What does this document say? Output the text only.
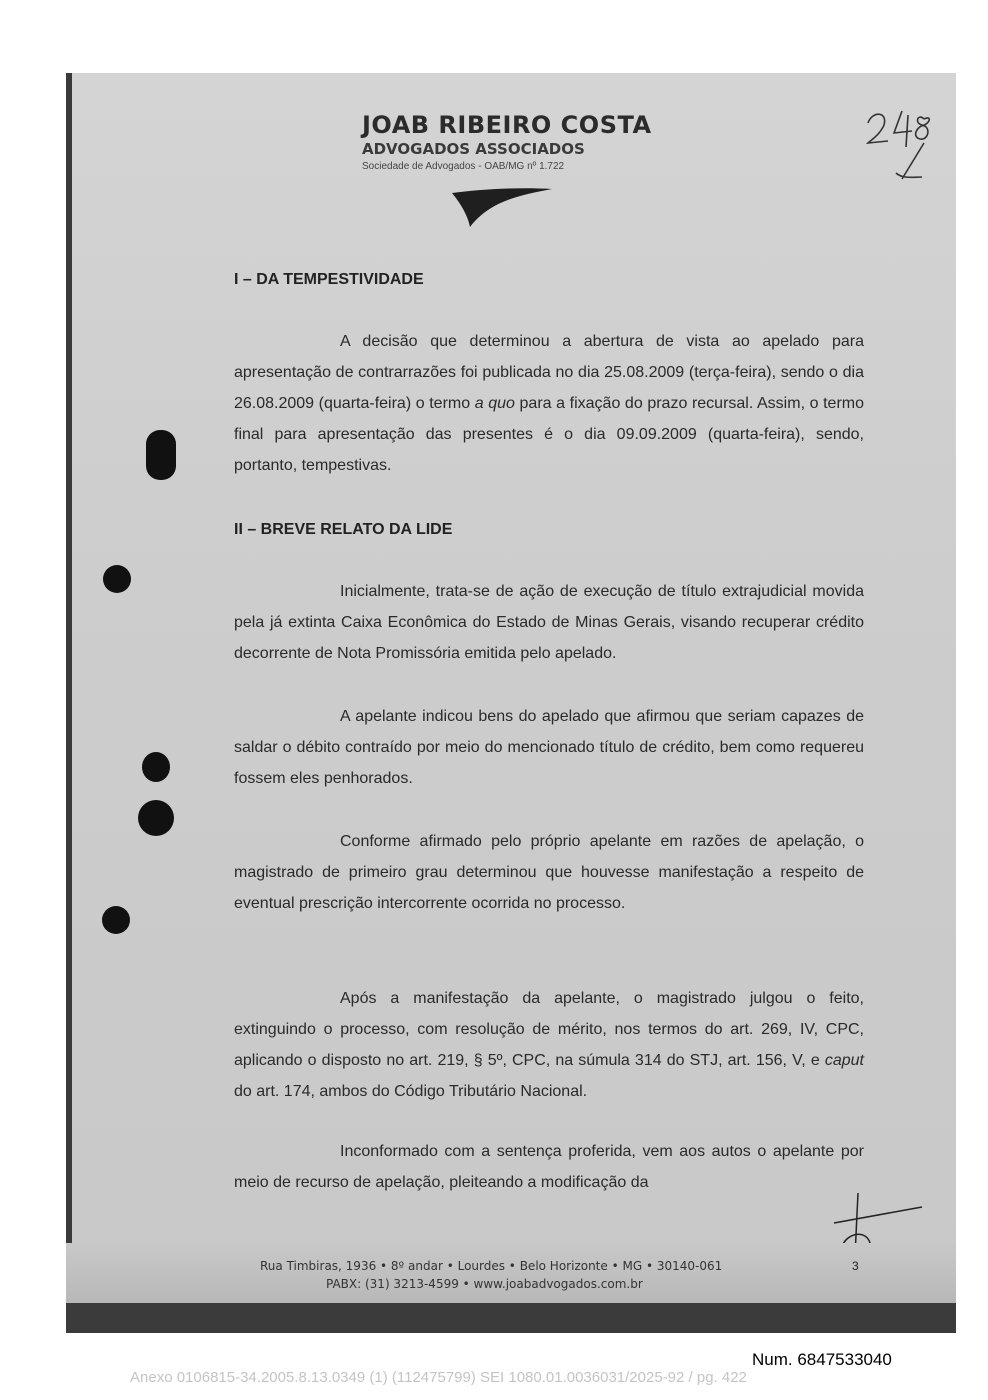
JOAB RIBEIRO COSTA

ADVOGADOS ASSOCIADOS

Sociedade de Advogados - OAB/MG nº 1.722

I – DA TEMPESTIVIDADE

A decisão que determinou a abertura de vista ao apelado para apresentação de contrarrazões foi publicada no dia 25.08.2009 (terça-feira), sendo o dia 26.08.2009 (quarta-feira) o termo a quo para a fixação do prazo recursal. Assim, o termo final para apresentação das presentes é o dia 09.09.2009 (quarta-feira), sendo, portanto, tempestivas.

II – BREVE RELATO DA LIDE

Inicialmente, trata-se de ação de execução de título extrajudicial movida pela já extinta Caixa Econômica do Estado de Minas Gerais, visando recuperar crédito decorrente de Nota Promissória emitida pelo apelado.

A apelante indicou bens do apelado que afirmou que seriam capazes de saldar o débito contraído por meio do mencionado título de crédito, bem como requereu fossem eles penhorados.

Conforme afirmado pelo próprio apelante em razões de apelação, o magistrado de primeiro grau determinou que houvesse manifestação a respeito de eventual prescrição intercorrente ocorrida no processo.

Após a manifestação da apelante, o magistrado julgou o feito, extinguindo o processo, com resolução de mérito, nos termos do art. 269, IV, CPC, aplicando o disposto no art. 219, § 5º, CPC, na súmula 314 do STJ, art. 156, V, e caput do art. 174, ambos do Código Tributário Nacional.

Inconformado com a sentença proferida, vem aos autos o apelante por meio de recurso de apelação, pleiteando a modificação da

Rua Timbiras, 1936 • 8º andar • Lourdes • Belo Horizonte • MG • 30140-061

PABX: (31) 3213-4599 • www.joabadvogados.com.br

3

Num. 6847533040

Anexo 0106815-34.2005.8.13.0349 (1) (112475799) SEI 1080.01.0036031/2025-92 / pg. 422
